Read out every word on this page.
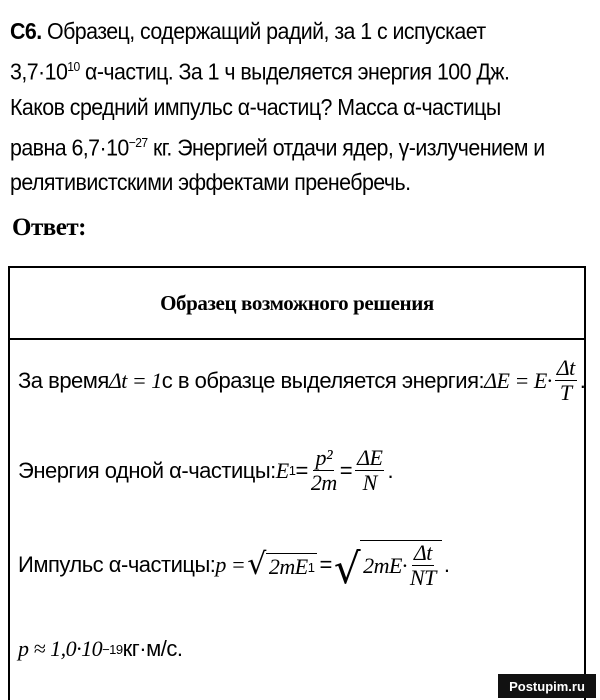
С6. Образец, содержащий радий, за 1 с испускает $3,7\cdot 10^{10}$ α-частиц. За 1 ч выделяется энергия 100 Дж. Каков средний импульс α-частиц? Масса α-частицы равна $6,7\cdot 10^{-27}$ кг. Энергией отдачи ядер, γ-излучением и релятивистскими эффектами пренебречь.
Ответ:
Образец возможного решения
За время Δt = 1 с в образце выделяется энергия: $\Delta E = E\cdot \frac{\Delta t}{T}$ .
Энергия одной α-частицы: E $1 = \frac{\text{p²}}{2m} = \frac{\Delta E}{N}$ .
Импульс α-частицы: p = √ 2mE 1 = √ $2mE\cdot \frac{\Delta t}{NT}$ .
p ≈ 1,0·10 −19 кг·м/с.
Postupim.ru
